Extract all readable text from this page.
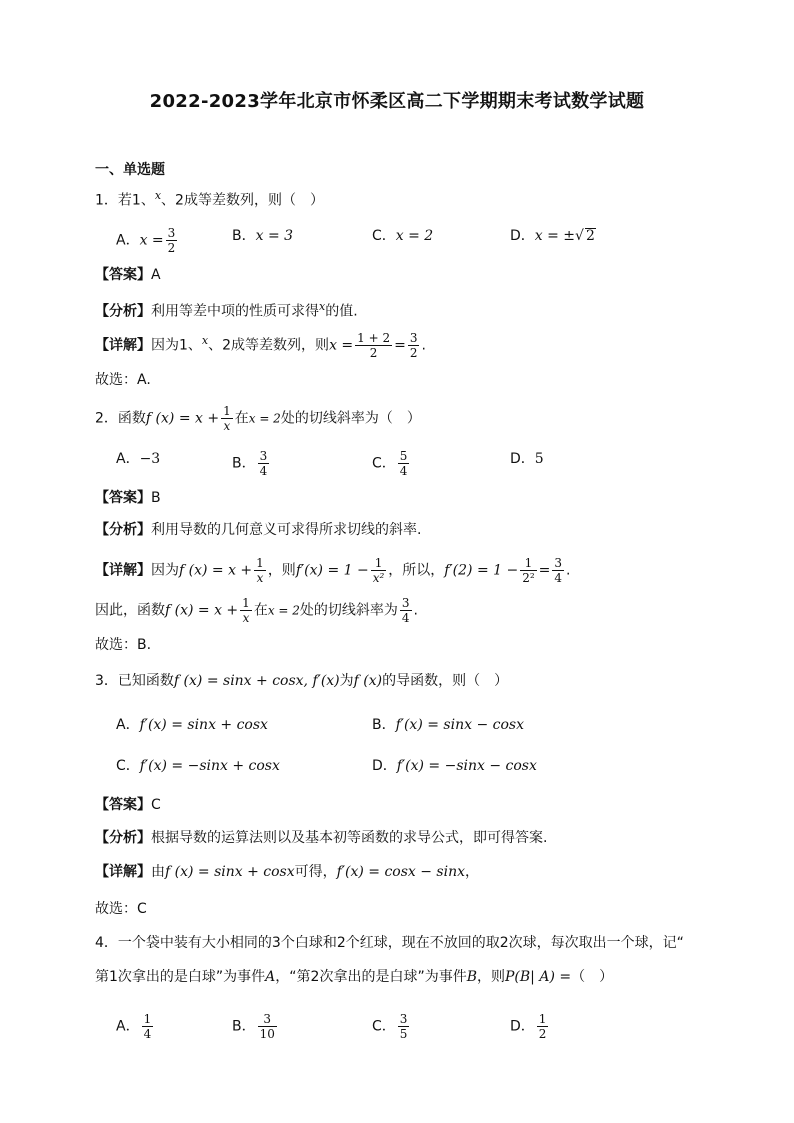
2022-2023学年北京市怀柔区高二下学期期末考试数学试题
一、单选题
1．若1、$^x$、2成等差数列，则（　）
A．$x = \frac{3}{2}$	B．x = 3	C．x = 2	D．x = ±√ 2
【答案】A
【分析】利用等差中项的性质可求得$^x$的值.
【详解】因为1、$^x$、2成等差数列，则$x = \frac{1 + 2}{2} = \frac{3}{2}$ .
故选：A.
2．函数f $(x) = x + \frac{1}{x}$ 在x = 2处的切线斜率为（　）
A．−3	B． $\frac{3}{4}$	C． $\frac{5}{4}$	D．5
【答案】B
【分析】利用导数的几何意义可求得所求切线的斜率.
【详解】因为f $(x) = x + \frac{1}{x}$ ，则$f'(x) = 1 - \frac{1}{\text{x²}}$ ，所以，$f'(2) = 1 - \frac{1}{\text{2²}} = \frac{3}{4}$ .
因此，函数f $(x) = x + \frac{1}{x}$ 在x = 2处的切线斜率为 $\frac{3}{4}$ .
故选：B.
3．已知函数f (x) = sinx + cosx, f′(x)为f (x)的导函数，则（　）
A．f′(x) = sinx + cosx	B．f′(x) = sinx − cosx
C．f′(x) = −sinx + cosx	D．f′(x) = −sinx − cosx
【答案】C
【分析】根据导数的运算法则以及基本初等函数的求导公式，即可得答案.
【详解】由f (x) = sinx + cosx可得，f′(x) = cosx − sinx，
故选：C
4．一个袋中装有大小相同的3个白球和2个红球，现在不放回的取2次球，每次取出一个球，记“
第1次拿出的是白球”为事件A，“第2次拿出的是白球”为事件B，则P(B| A) =（　）
A． $\frac{1}{4}$	B． $\frac{3}{10}$	C． $\frac{3}{5}$	D． $\frac{1}{2}$
